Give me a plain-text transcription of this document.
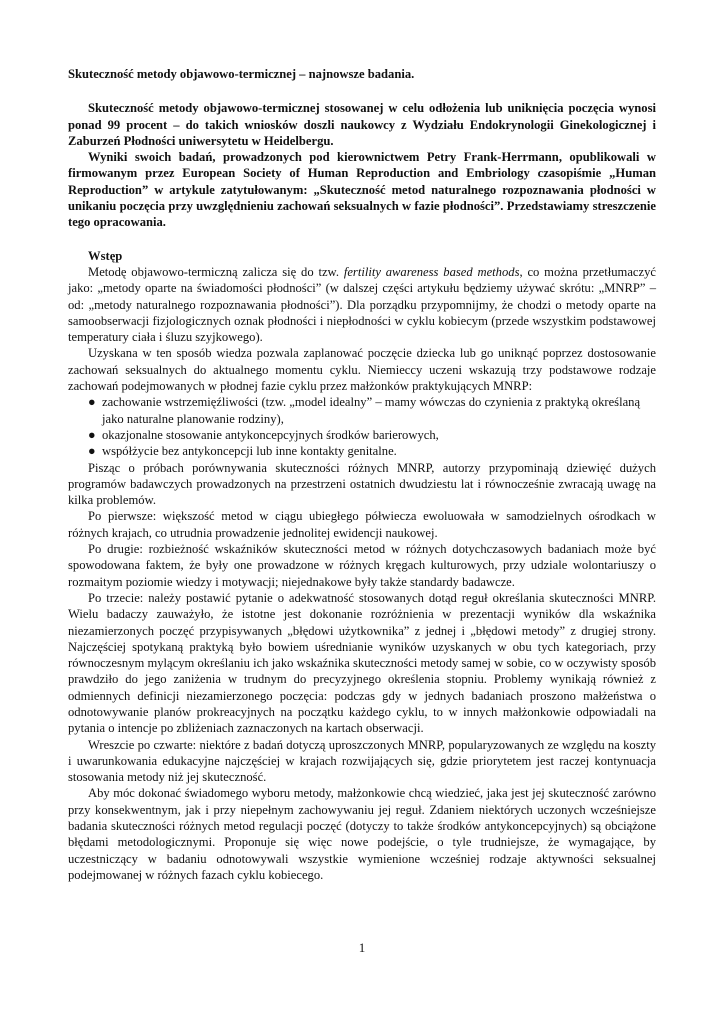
Skuteczność metody objawowo-termicznej – najnowsze badania.

Skuteczność metody objawowo-termicznej stosowanej w celu odłożenia lub uniknięcia poczęcia wynosi ponad 99 procent – do takich wniosków doszli naukowcy z Wydziału Endokrynologii Ginekologicznej i Zaburzeń Płodności uniwersytetu w Heidelbergu.

Wyniki swoich badań, prowadzonych pod kierownictwem Petry Frank-Herrmann, opublikowali w firmowanym przez European Society of Human Reproduction and Embriology czasopiśmie „Human Reproduction” w artykule zatytułowanym: „Skuteczność metod naturalnego rozpoznawania płodności w unikaniu poczęcia przy uwzględnieniu zachowań seksualnych w fazie płodności”. Przedstawiamy streszczenie tego opracowania.

Wstęp

Metodę objawowo-termiczną zalicza się do tzw. fertility awareness based methods, co można przetłumaczyć jako: „metody oparte na świadomości płodności” (w dalszej części artykułu będziemy używać skrótu: „MNRP” – od: „metody naturalnego rozpoznawania płodności”). Dla porządku przypomnijmy, że chodzi o metody oparte na samoobserwacji fizjologicznych oznak płodności i niepłodności w cyklu kobiecym (przede wszystkim podstawowej temperatury ciała i śluzu szyjkowego).

Uzyskana w ten sposób wiedza pozwala zaplanować poczęcie dziecka lub go uniknąć poprzez dostosowanie zachowań seksualnych do aktualnego momentu cyklu. Niemieccy uczeni wskazują trzy podstawowe rodzaje zachowań podejmowanych w płodnej fazie cyklu przez małżonków praktykujących MNRP:

● zachowanie wstrzemięźliwości (tzw. „model idealny” – mamy wówczas do czynienia z praktyką określaną jako naturalne planowanie rodziny),
● okazjonalne stosowanie antykoncepcyjnych środków barierowych,
● współżycie bez antykoncepcji lub inne kontakty genitalne.

Pisząc o próbach porównywania skuteczności różnych MNRP, autorzy przypominają dziewięć dużych programów badawczych prowadzonych na przestrzeni ostatnich dwudziestu lat i równocześnie zwracają uwagę na kilka problemów.

Po pierwsze: większość metod w ciągu ubiegłego półwiecza ewoluowała w samodzielnych ośrodkach w różnych krajach, co utrudnia prowadzenie jednolitej ewidencji naukowej.

Po drugie: rozbieżność wskaźników skuteczności metod w różnych dotychczasowych badaniach może być spowodowana faktem, że były one prowadzone w różnych kręgach kulturowych, przy udziale wolontariuszy o rozmaitym poziomie wiedzy i motywacji; niejednakowe były także standardy badawcze.

Po trzecie: należy postawić pytanie o adekwatność stosowanych dotąd reguł określania skuteczności MNRP. Wielu badaczy zauważyło, że istotne jest dokonanie rozróżnienia w prezentacji wyników dla wskaźnika niezamierzonych poczęć przypisywanych „błędowi użytkownika” z jednej i „błędowi metody” z drugiej strony. Najczęściej spotykaną praktyką było bowiem uśrednianie wyników uzyskanych w obu tych kategoriach, przy równoczesnym mylącym określaniu ich jako wskaźnika skuteczności metody samej w sobie, co w oczywisty sposób prawdziło do jego zaniżenia w trudnym do precyzyjnego określenia stopniu. Problemy wynikają również z odmiennych definicji niezamierzonego poczęcia: podczas gdy w jednych badaniach proszono małżeństwa o odnotowywanie planów prokreacyjnych na początku każdego cyklu, to w innych małżonkowie odpowiadali na pytania o intencje po zbliżeniach zaznaczonych na kartach obserwacji.

Wreszcie po czwarte: niektóre z badań dotyczą uproszczonych MNRP, popularyzowanych ze względu na koszty i uwarunkowania edukacyjne najczęściej w krajach rozwijających się, gdzie priorytetem jest raczej kontynuacja stosowania metody niż jej skuteczność.

Aby móc dokonać świadomego wyboru metody, małżonkowie chcą wiedzieć, jaka jest jej skuteczność zarówno przy konsekwentnym, jak i przy niepełnym zachowywaniu jej reguł. Zdaniem niektórych uczonych wcześniejsze badania skuteczności różnych metod regulacji poczęć (dotyczy to także środków antykoncepcyjnych) są obciążone błędami metodologicznymi. Proponuje się więc nowe podejście, o tyle trudniejsze, że wymagające, by uczestniczący w badaniu odnotowywali wszystkie wymienione wcześniej rodzaje aktywności seksualnej podejmowanej w różnych fazach cyklu kobiecego.

1
